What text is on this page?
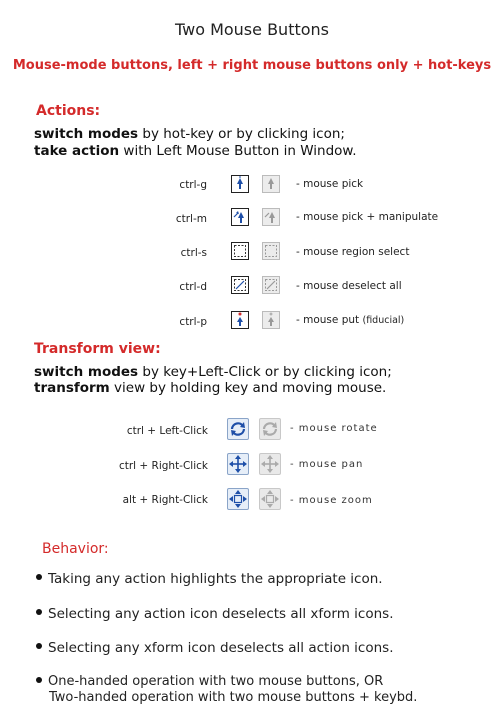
Two Mouse Buttons
Mouse-mode buttons, left + right mouse buttons only + hot-keys
Actions:
switch modes by hot-key or by clicking icon;
take action with Left Mouse Button in Window.
ctrl-g	- mouse pick
ctrl-m	- mouse pick + manipulate
ctrl-s	- mouse region select
ctrl-d	- mouse deselect all
ctrl-p	- mouse put (fiducial)
Transform view:
switch modes by key+Left-Click or by clicking icon;
transform view by holding key and moving mouse.
ctrl + Left-Click	- mouse rotate
ctrl + Right-Click	- mouse pan
alt + Right-Click	- mouse zoom
Behavior:
Taking any action highlights the appropriate icon.
Selecting any action icon deselects all xform icons.
Selecting any xform icon deselects all action icons.
One-handed operation with two mouse buttons, OR
Two-handed operation with two mouse buttons + keybd.
